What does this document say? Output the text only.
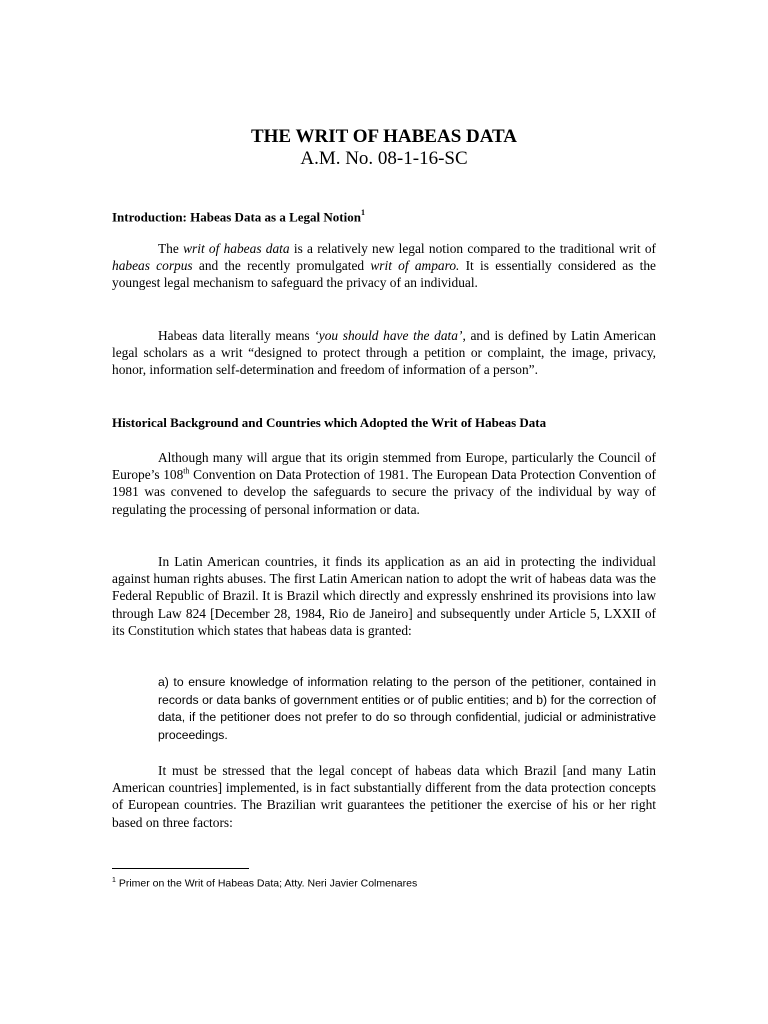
THE WRIT OF HABEAS DATA
A.M. No. 08-1-16-SC
Introduction: Habeas Data as a Legal Notion$^1$
The writ of habeas data is a relatively new legal notion compared to the traditional writ of habeas corpus and the recently promulgated writ of amparo. It is essentially considered as the youngest legal mechanism to safeguard the privacy of an individual.
Habeas data literally means ‘you should have the data’, and is defined by Latin American legal scholars as a writ “designed to protect through a petition or complaint, the image, privacy, honor, information self-determination and freedom of information of a person”.
Historical Background and Countries which Adopted the Writ of Habeas Data
Although many will argue that its origin stemmed from Europe, particularly the Council of Europe’s 108th Convention on Data Protection of 1981. The European Data Protection Convention of 1981 was convened to develop the safeguards to secure the privacy of the individual by way of regulating the processing of personal information or data.
In Latin American countries, it finds its application as an aid in protecting the individual against human rights abuses. The first Latin American nation to adopt the writ of habeas data was the Federal Republic of Brazil. It is Brazil which directly and expressly enshrined its provisions into law through Law 824 [December 28, 1984, Rio de Janeiro] and subsequently under Article 5, LXXII of its Constitution which states that habeas data is granted:
a) to ensure knowledge of information relating to the person of the petitioner, contained in records or data banks of government entities or of public entities; and b) for the correction of data, if the petitioner does not prefer to do so through confidential, judicial or administrative proceedings.
It must be stressed that the legal concept of habeas data which Brazil [and many Latin American countries] implemented, is in fact substantially different from the data protection concepts of European countries. The Brazilian writ guarantees the petitioner the exercise of his or her right based on three factors:
$^1$ Primer on the Writ of Habeas Data; Atty. Neri Javier Colmenares
